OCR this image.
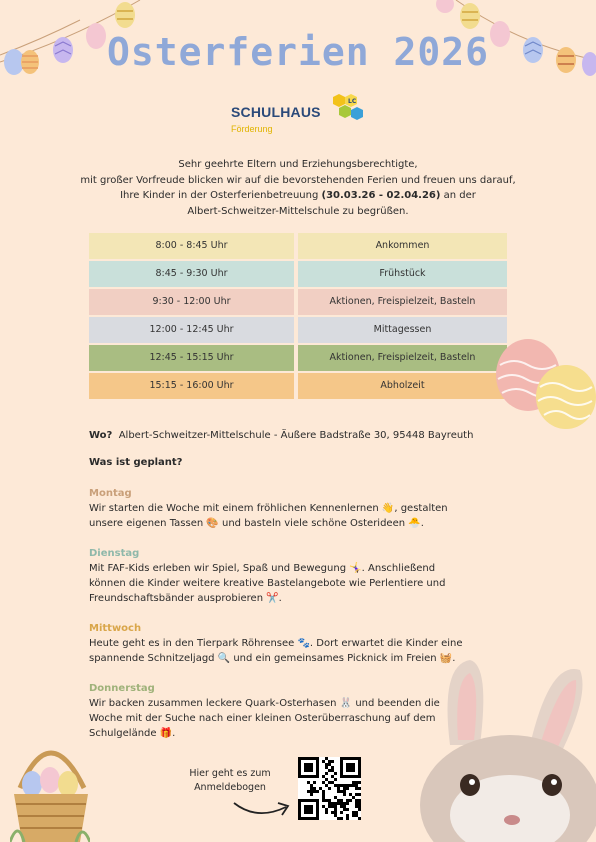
Osterferien 2026
SCHULHAUS
Förderung
LC
Sehr geehrte Eltern und Erziehungsberechtigte,
mit großer Vorfreude blicken wir auf die bevorstehenden Ferien und freuen uns darauf,
Ihre Kinder in der Osterferienbetreuung (30.03.26 - 02.04.26) an der
Albert-Schweitzer-Mittelschule zu begrüßen.
8:00 - 8:45 Uhr	Ankommen
8:45 - 9:30 Uhr	Frühstück
9:30 - 12:00 Uhr	Aktionen, Freispielzeit, Basteln
12:00 - 12:45 Uhr	Mittagessen
12:45 - 15:15 Uhr	Aktionen, Freispielzeit, Basteln
15:15 - 16:00 Uhr	Abholzeit
Wo? Albert-Schweitzer-Mittelschule - Äußere Badstraße 30, 95448 Bayreuth
Was ist geplant?
Montag
Wir starten die Woche mit einem fröhlichen Kennenlernen 👋, gestalten
unsere eigenen Tassen 🎨 und basteln viele schöne Osterideen 🐣.
Dienstag
Mit FAF-Kids erleben wir Spiel, Spaß und Bewegung 🤸‍♀️. Anschließend
können die Kinder weitere kreative Bastelangebote wie Perlentiere und
Freundschaftsbänder ausprobieren ✂️.
Mittwoch
Heute geht es in den Tierpark Röhrensee 🐾. Dort erwartet die Kinder eine
spannende Schnitzeljagd 🔍 und ein gemeinsames Picknick im Freien 🧺.
Donnerstag
Wir backen zusammen leckere Quark-Osterhasen 🐰 und beenden die
Woche mit der Suche nach einer kleinen Osterüberraschung auf dem
Schulgelände 🎁.
Hier geht es zum
Anmeldebogen
